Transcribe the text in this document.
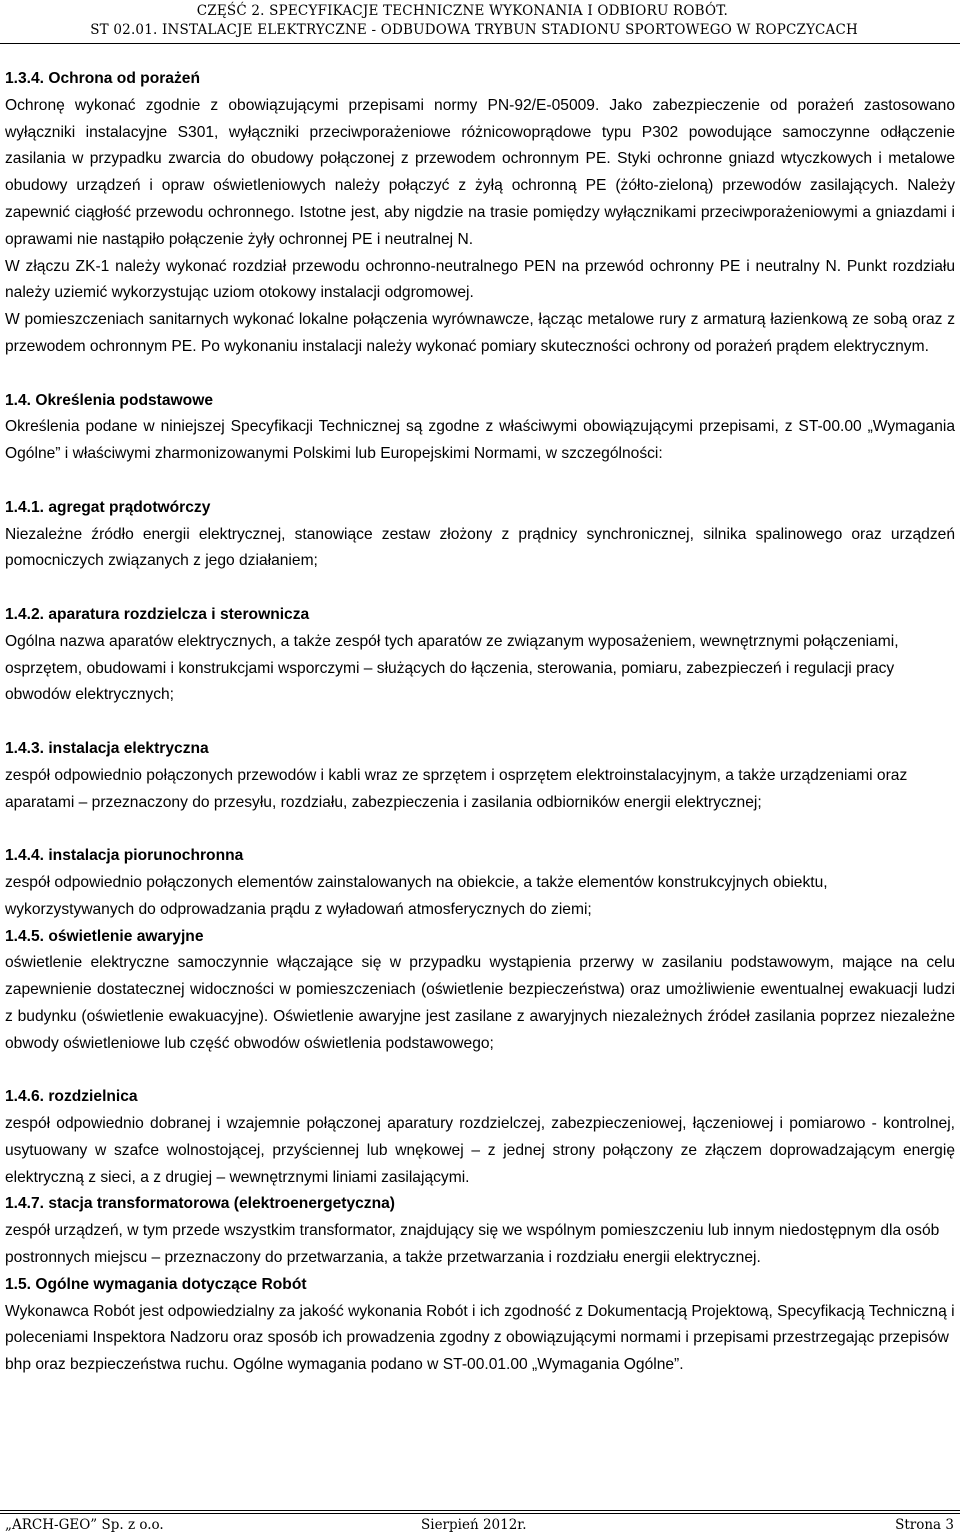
CZĘŚĆ 2. SPECYFIKACJE TECHNICZNE WYKONANIA I ODBIORU ROBÓT.
ST 02.01. INSTALACJE ELEKTRYCZNE - ODBUDOWA TRYBUN STADIONU SPORTOWEGO W ROPCZYCACH

1.3.4. Ochrona od porażeń

Ochronę wykonać zgodnie z obowiązującymi przepisami normy PN-92/E-05009. Jako zabezpieczenie od porażeń zastosowano wyłączniki instalacyjne S301, wyłączniki przeciwporażeniowe różnicowoprądowe typu P302 powodujące samoczynne odłączenie zasilania w przypadku zwarcia do obudowy połączonej z przewodem ochronnym PE. Styki ochronne gniazd wtyczkowych i metalowe obudowy urządzeń i opraw oświetleniowych należy połączyć z żyłą ochronną PE (żółto-zieloną) przewodów zasilających. Należy zapewnić ciągłość przewodu ochronnego. Istotne jest, aby nigdzie na trasie pomiędzy wyłącznikami przeciwporażeniowymi a gniazdami i oprawami nie nastąpiło połączenie żyły ochronnej PE i neutralnej N.

W złączu ZK-1 należy wykonać rozdział przewodu ochronno-neutralnego PEN na przewód ochronny PE i neutralny N. Punkt rozdziału należy uziemić wykorzystując uziom otokowy instalacji odgromowej.

W pomieszczeniach sanitarnych wykonać lokalne połączenia wyrównawcze, łącząc metalowe rury z armaturą łazienkową ze sobą oraz z przewodem ochronnym PE. Po wykonaniu instalacji należy wykonać pomiary skuteczności ochrony od porażeń prądem elektrycznym.

1.4. Określenia podstawowe

Określenia podane w niniejszej Specyfikacji Technicznej są zgodne z właściwymi obowiązującymi przepisami, z ST-00.00 „Wymagania Ogólne” i właściwymi zharmonizowanymi Polskimi lub Europejskimi Normami, w szczególności:

1.4.1. agregat prądotwórczy

Niezależne źródło energii elektrycznej, stanowiące zestaw złożony z prądnicy synchronicznej, silnika spalinowego oraz urządzeń pomocniczych związanych z jego działaniem;

1.4.2. aparatura rozdzielcza i sterownicza

Ogólna nazwa aparatów elektrycznych, a także zespół tych aparatów ze związanym wyposażeniem, wewnętrznymi połączeniami,

osprzętem, obudowami i konstrukcjami wsporczymi – służących do łączenia, sterowania, pomiaru, zabezpieczeń i regulacji pracy obwodów elektrycznych;

1.4.3. instalacja elektryczna

zespół odpowiednio połączonych przewodów i kabli wraz ze sprzętem i osprzętem elektroinstalacyjnym, a także urządzeniami oraz aparatami – przeznaczony do przesyłu, rozdziału, zabezpieczenia i zasilania odbiorników energii elektrycznej;

1.4.4. instalacja piorunochronna

zespół odpowiednio połączonych elementów zainstalowanych na obiekcie, a także elementów konstrukcyjnych obiektu, wykorzystywanych do odprowadzania prądu z wyładowań atmosferycznych do ziemi;

1.4.5. oświetlenie awaryjne

oświetlenie elektryczne samoczynnie włączające się w przypadku wystąpienia przerwy w zasilaniu podstawowym, mające na celu zapewnienie dostatecznej widoczności w pomieszczeniach (oświetlenie bezpieczeństwa) oraz umożliwienie ewentualnej ewakuacji ludzi z budynku (oświetlenie ewakuacyjne). Oświetlenie awaryjne jest zasilane z awaryjnych niezależnych źródeł zasilania poprzez niezależne obwody oświetleniowe lub część obwodów oświetlenia podstawowego;

1.4.6. rozdzielnica

zespół odpowiednio dobranej i wzajemnie połączonej aparatury rozdzielczej, zabezpieczeniowej, łączeniowej i pomiarowo - kontrolnej, usytuowany w szafce wolnostojącej, przyściennej lub wnękowej – z jednej strony połączony ze złączem doprowadzającym energię elektryczną z sieci, a z drugiej – wewnętrznymi liniami zasilającymi.

1.4.7. stacja transformatorowa (elektroenergetyczna)

zespół urządzeń, w tym przede wszystkim transformator, znajdujący się we wspólnym pomieszczeniu lub innym niedostępnym dla osób postronnych miejscu – przeznaczony do przetwarzania, a także przetwarzania i rozdziału energii elektrycznej.

1.5. Ogólne wymagania dotyczące Robót

Wykonawca Robót jest odpowiedzialny za jakość wykonania Robót i ich zgodność z Dokumentacją Projektową, Specyfikacją Techniczną i poleceniami Inspektora Nadzoru oraz sposób ich prowadzenia zgodny z obowiązującymi normami i przepisami przestrzegając przepisów bhp oraz bezpieczeństwa ruchu. Ogólne wymagania podano w ST-00.01.00 „Wymagania Ogólne”.

„ARCH-GEO” Sp. z o.o.	Sierpień 2012r.	Strona 3
